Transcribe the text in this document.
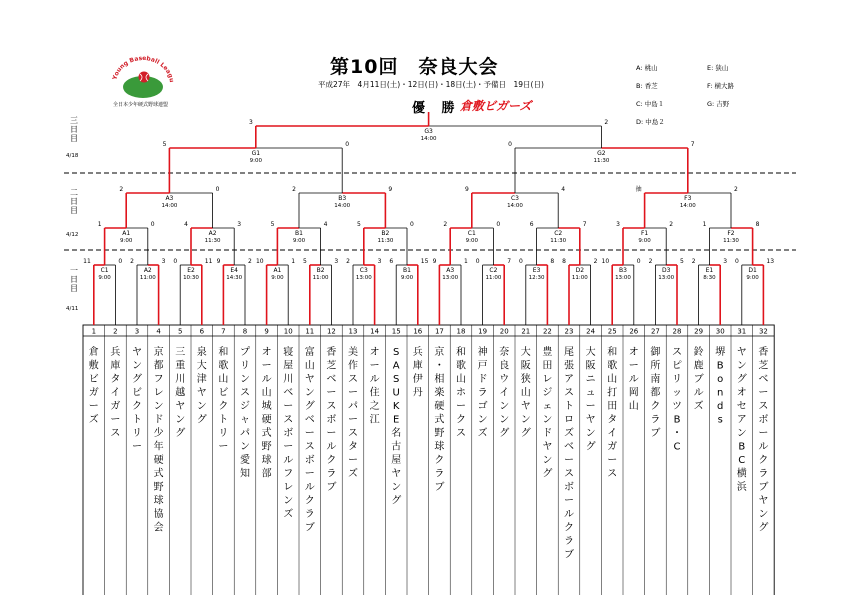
第10回　奈良大会
平成27年　4月11日(土)・12日(日)・18日(土)・予備日　19日(日)
優 勝 倉敷ビガーズ
Young Baseball Leagu
全日本少年硬式野球連盟
A: 桃山
B: 香芝
C: 中島１
D: 中島２
E: 狭山
F: 横大路
G: 吉野
三
日
目
4/18
二
日
目
4/12
一
日
目
4/11
1
倉敷ビガーズ
2
兵庫タイガース
3
ヤングビクトリー
4
京都フレンド少年硬式野球協会
5
三重川越ヤング
6
泉大津ヤング
7
和歌山ビクトリー
8
プリンスジャパン愛知
9
オール山城硬式野球部
10
寝屋川ベースボールフレンズ
11
富山ヤングベースボールクラブ
12
香芝ベースボールクラブ
13
美作スーパースターズ
14
オール住之江
15
S A S U K E 名古屋ヤング
16
兵庫伊丹
17
京・相楽硬式野球クラブ
18
和歌山ホークス
19
神戸ドラゴンズ
20
奈良ウインング
21
大阪狭山ヤング
22
豊田レジェンドヤング
23
尾張アストロズベースボールクラブ
24
大阪ニューヤング
25
和歌山打田タイガース
26
オール岡山
27
御所南都クラブ
28
スピリッツ B ・ C
29
鈴鹿ブルズ
30
堺 B o n d s
31
ヤングオセアン B C 横浜
32
香芝ベースボールクラブヤング
11	0
C1
9:00
2	3
A2
11:00
0	11
E2
10:30
9	2
E4
14:30
10	1
A1
9:00
5	3
B2
11:00
2	3
C3
13:00
6	15
B1
9:00
9	1
A3
13:00
0	7
C2
11:00
0	8
E3
12:30
8	2
D2
11:00
10	0
B3
13:00
2	5
D3
13:00
2	3
E1
8:30
0	13
D1
9:00
1	0
A1
9:00
4	3
A2
11:30
5	4
B1
9:00
5	0
B2
11:30
2	0
C1
9:00
6	7
C2
11:30
3	2
F1
9:00
1	8
F2
11:30
2	0
A3
14:00
2	9
B3
14:00
9	4
C3
14:00
抽	2
F3
14:00
5	0
G1
9:00
0	7
G2
11:30
3	2
G3
14:00
